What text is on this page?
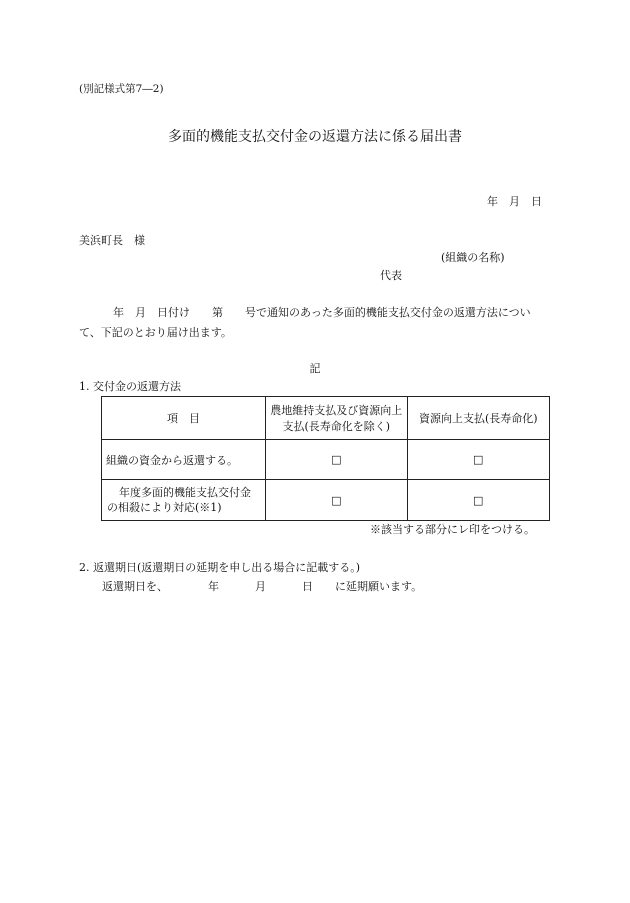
(別記様式第7―2)
多面的機能支払交付金の返還方法に係る届出書
年　月　日
美浜町長　様
(組織の名称)
代表
年　月　日付け　　第　　号で通知のあった多面的機能支払交付金の返還方法について、下記のとおり届け出ます。
記
1. 交付金の返還方法
項　目	農地維持支払及び資源向上支払(長寿命化を除く)	資源向上支払(長寿命化)
組織の資金から返還する。	□	□
年度多面的機能支払交付金の相殺により対応(※1)	□	□
※該当する部分にレ印をつける。
2. 返還期日(返還期日の延期を申し出る場合に記載する。)
返還期日を、	年	月	日 に延期願います。
